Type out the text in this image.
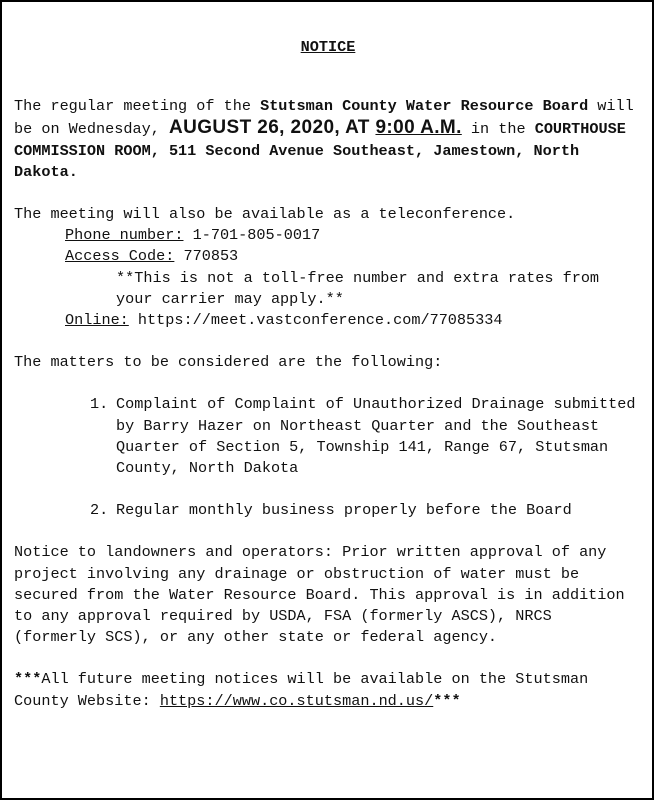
NOTICE

The regular meeting of the Stutsman County Water Resource Board will be on Wednesday, AUGUST 26, 2020, AT 9:00 A.M. in the COURTHOUSE COMMISSION ROOM, 511 Second Avenue Southeast, Jamestown, North Dakota.

The meeting will also be available as a teleconference.

Phone number: 1-701-805-0017

Access Code: 770853

**This is not a toll-free number and extra rates from your carrier may apply.**

Online: https://meet.vastconference.com/77085334

The matters to be considered are the following:

1. Complaint of Complaint of Unauthorized Drainage submitted by Barry Hazer on Northeast Quarter and the Southeast Quarter of Section 5, Township 141, Range 67, Stutsman County, North Dakota
2. Regular monthly business properly before the Board

Notice to landowners and operators: Prior written approval of any project involving any drainage or obstruction of water must be secured from the Water Resource Board. This approval is in addition to any approval required by USDA, FSA (formerly ASCS), NRCS (formerly SCS), or any other state or federal agency.

***All future meeting notices will be available on the Stutsman County Website: https://www.co.stutsman.nd.us/***
